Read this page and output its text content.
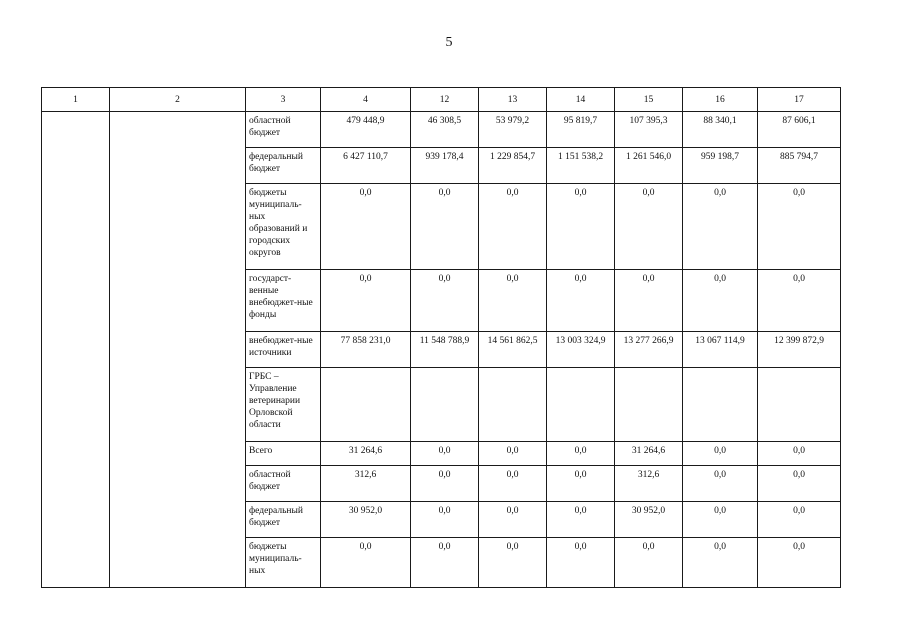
5
1	2	3	4	12	13	14	15	16	17
		областной бюджет	479 448,9	46 308,5	53 979,2	95 819,7	107 395,3	88 340,1	87 606,1
		федеральный бюджет	6 427 110,7	939 178,4	1 229 854,7	1 151 538,2	1 261 546,0	959 198,7	885 794,7
		бюджеты муниципаль-ных образований и городских округов	0,0	0,0	0,0	0,0	0,0	0,0	0,0
		государст-венные внебюджет-ные фонды	0,0	0,0	0,0	0,0	0,0	0,0	0,0
		внебюджет-ные источники	77 858 231,0	11 548 788,9	14 561 862,5	13 003 324,9	13 277 266,9	13 067 114,9	12 399 872,9
		ГРБС – Управление ветеринарии Орловской области							
		Всего	31 264,6	0,0	0,0	0,0	31 264,6	0,0	0,0
		областной бюджет	312,6	0,0	0,0	0,0	312,6	0,0	0,0
		федеральный бюджет	30 952,0	0,0	0,0	0,0	30 952,0	0,0	0,0
		бюджеты муниципаль-ных	0,0	0,0	0,0	0,0	0,0	0,0	0,0
